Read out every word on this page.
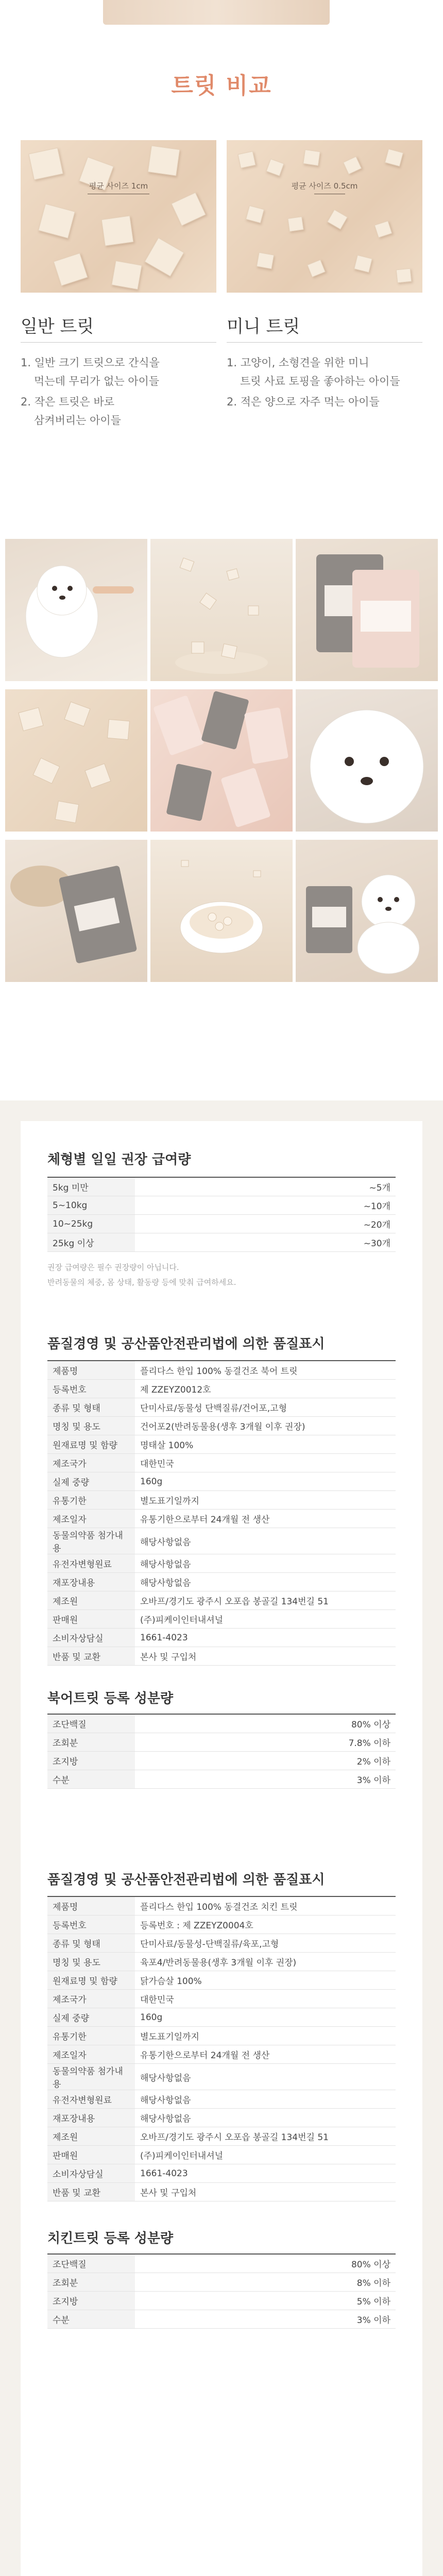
트릿 비교
평균 사이즈 1cm	평균 사이즈 0.5cm
일반 트릿
1. 일반 크기 트릿으로 간식을
먹는데 무리가 없는 아이들
2. 작은 트릿은 바로
삼켜버리는 아이들
미니 트릿
1. 고양이, 소형견을 위한 미니
트릿 사료 토핑을 좋아하는 아이들
2. 적은 양으로 자주 먹는 아이들
체형별 일일 권장 급여량
5kg 미만	~5개
5~10kg	~10개
10~25kg	~20개
25kg 이상	~30개
권장 급여량은 필수 권장량이 아닙니다.
반려동물의 체중, 몸 상태, 활동량 등에 맞춰 급여하세요.
품질경영 및 공산품안전관리법에 의한 품질표시
제품명	플리다스 한입 100% 동결건조 북어 트릿
등록번호	제 ZZEYZ0012호
종류 및 형태	단미사료/동물성 단백질류/건어포,고형
명칭 및 용도	건어포2(반려동물용(생후 3개월 이후 권장)
원재료명 및 함량	명태살 100%
제조국가	대한민국
실제 중량	160g
유통기한	별도표기일까지
제조일자	유통기한으로부터 24개월 전 생산
동물의약품 첨가내용	해당사항없음
유전자변형원료	해당사항없음
재포장내용	해당사항없음
제조원	오바프/경기도 광주시 오포읍 봉골길 134번길 51
판매원	(주)피케이인터내셔널
소비자상담실	1661-4023
반품 및 교환	본사 및 구입처
북어트릿 등록 성분량
조단백질	80% 이상
조회분	7.8% 이하
조지방	2% 이하
수분	3% 이하
품질경영 및 공산품안전관리법에 의한 품질표시
제품명	플리다스 한입 100% 동결건조 치킨 트릿
등록번호	등록번호 : 제 ZZEYZ0004호
종류 및 형태	단미사료/동물성-단백질류/육포,고형
명칭 및 용도	육포4/반려동물용(생후 3개월 이후 권장)
원재료명 및 함량	닭가슴살 100%
제조국가	대한민국
실제 중량	160g
유통기한	별도표기일까지
제조일자	유통기한으로부터 24개월 전 생산
동물의약품 첨가내용	해당사항없음
유전자변형원료	해당사항없음
재포장내용	해당사항없음
제조원	오바프/경기도 광주시 오포읍 봉골길 134번길 51
판매원	(주)피케이인터내셔널
소비자상담실	1661-4023
반품 및 교환	본사 및 구입처
치킨트릿 등록 성분량
조단백질	80% 이상
조회분	8% 이하
조지방	5% 이하
수분	3% 이하
